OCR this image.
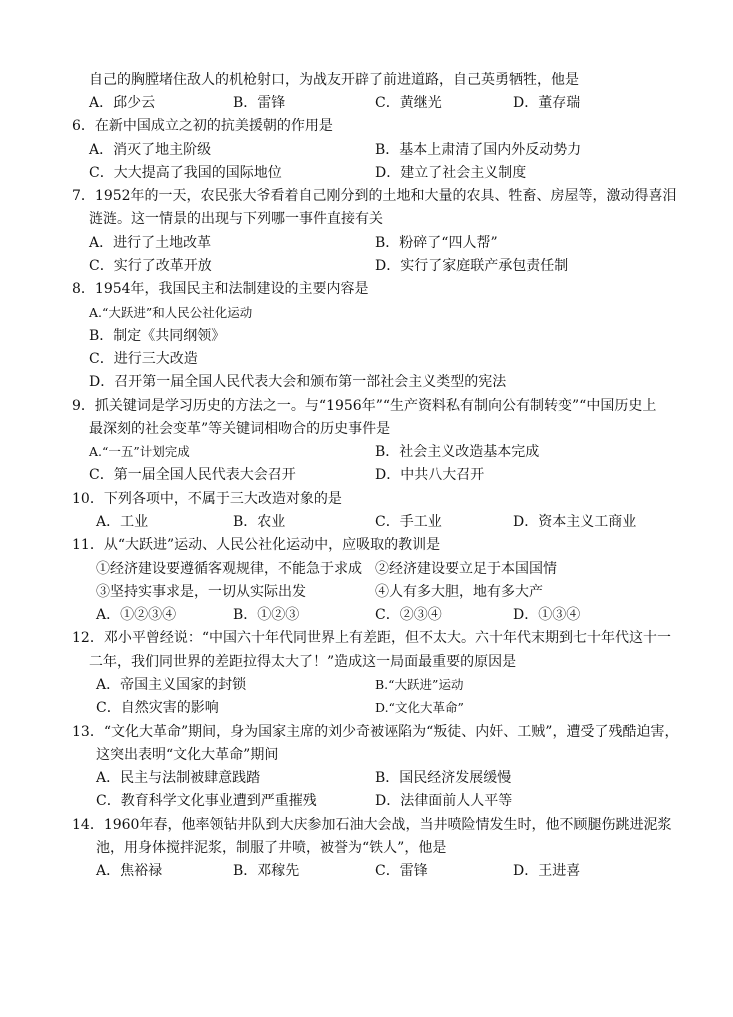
自己的胸膛堵住敌人的机枪射口，为战友开辟了前进道路，自己英勇牺牲，他是
A．邱少云	B．雷锋	C．黄继光	D．董存瑞
6．在新中国成立之初的抗美援朝的作用是
A．消灭了地主阶级	B．基本上肃清了国内外反动势力
C．大大提高了我国的国际地位	D．建立了社会主义制度
7．1952年的一天，农民张大爷看着自己刚分到的土地和大量的农具、牲畜、房屋等，激动得喜泪
涟涟。这一情景的出现与下列哪一事件直接有关
A．进行了土地改革	B．粉碎了“四人帮”
C．实行了改革开放	D．实行了家庭联产承包责任制
8．1954年，我国民主和法制建设的主要内容是
A.“大跃进”和人民公社化运动
B．制定《共同纲领》
C．进行三大改造
D．召开第一届全国人民代表大会和颁布第一部社会主义类型的宪法
9．抓关键词是学习历史的方法之一。与“1956年”“生产资料私有制向公有制转变”“中国历史上
最深刻的社会变革”等关键词相吻合的历史事件是
A.“一五”计划完成	B．社会主义改造基本完成
C．第一届全国人民代表大会召开	D．中共八大召开
10．下列各项中，不属于三大改造对象的是
A．工业	B．农业	C．手工业	D．资本主义工商业
11．从“大跃进”运动、人民公社化运动中，应吸取的教训是
①经济建设要遵循客观规律，不能急于求成 ②经济建设要立足于本国国情
③坚持实事求是，一切从实际出发	④人有多大胆，地有多大产
A．①②③④	B．①②③	C．②③④	D．①③④
12．邓小平曾经说：“中国六十年代同世界上有差距，但不太大。六十年代末期到七十年代这十一
二年，我们同世界的差距拉得太大了！”造成这一局面最重要的原因是
A．帝国主义国家的封锁	B.“大跃进”运动
C．自然灾害的影响	D.“文化大革命”
13．“文化大革命”期间，身为国家主席的刘少奇被诬陷为“叛徒、内奸、工贼”，遭受了残酷迫害，
这突出表明“文化大革命”期间
A．民主与法制被肆意践踏	B．国民经济发展缓慢
C．教育科学文化事业遭到严重摧残	D．法律面前人人平等
14．1960年春，他率领钻井队到大庆参加石油大会战，当井喷险情发生时，他不顾腿伤跳进泥浆
池，用身体搅拌泥浆，制服了井喷，被誉为“铁人”，他是
A．焦裕禄	B．邓稼先	C．雷锋	D．王进喜
